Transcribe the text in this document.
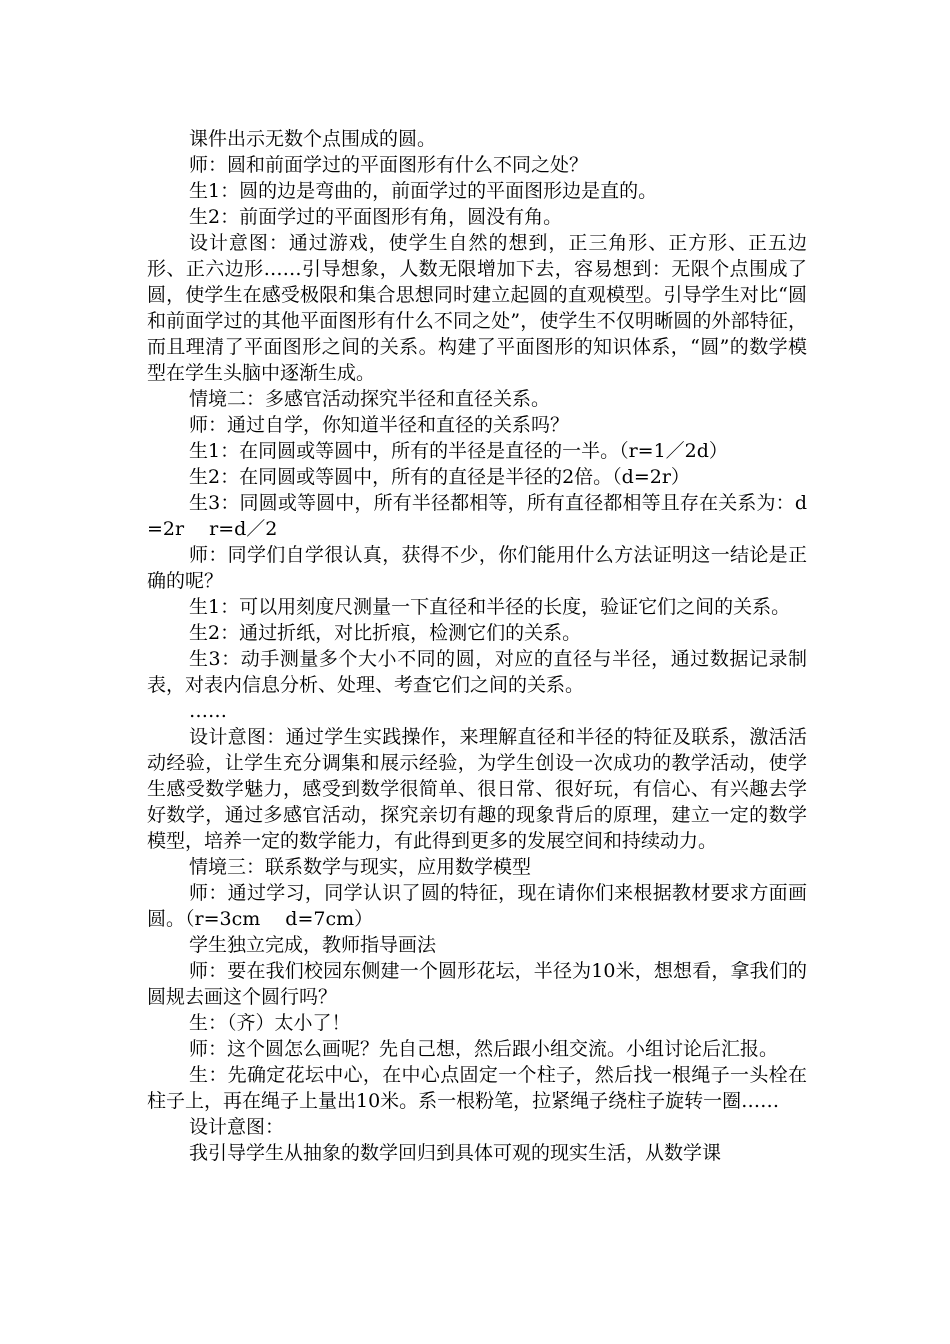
课件出示无数个点围成的圆。

师：圆和前面学过的平面图形有什么不同之处？

生1：圆的边是弯曲的，前面学过的平面图形边是直的。

生2：前面学过的平面图形有角，圆没有角。

设计意图：通过游戏，使学生自然的想到，正三角形、正方形、正五边形、正六边形……引导想象，人数无限增加下去，容易想到：无限个点围成了圆，使学生在感受极限和集合思想同时建立起圆的直观模型。引导学生对比“圆和前面学过的其他平面图形有什么不同之处”，使学生不仅明晰圆的外部特征，而且理清了平面图形之间的关系。构建了平面图形的知识体系，“圆”的数学模型在学生头脑中逐渐生成。

情境二：多感官活动探究半径和直径关系。

师：通过自学，你知道半径和直径的关系吗？

生1：在同圆或等圆中，所有的半径是直径的一半。（r=1／2d）

生2：在同圆或等圆中，所有的直径是半径的2倍。（d=2r）

生3：同圆或等圆中，所有半径都相等，所有直径都相等且存在关系为：d=2r　 r=d／2

师：同学们自学很认真，获得不少，你们能用什么方法证明这一结论是正确的呢？

生1：可以用刻度尺测量一下直径和半径的长度，验证它们之间的关系。

生2：通过折纸，对比折痕，检测它们的关系。

生3：动手测量多个大小不同的圆，对应的直径与半径，通过数据记录制表，对表内信息分析、处理、考查它们之间的关系。

……

设计意图：通过学生实践操作，来理解直径和半径的特征及联系，激活活动经验，让学生充分调集和展示经验，为学生创设一次成功的教学活动，使学生感受数学魅力，感受到数学很简单、很日常、很好玩，有信心、有兴趣去学好数学，通过多感官活动，探究亲切有趣的现象背后的原理，建立一定的数学模型，培养一定的数学能力，有此得到更多的发展空间和持续动力。

情境三：联系数学与现实，应用数学模型

师：通过学习，同学认识了圆的特征，现在请你们来根据教材要求方面画圆。（r=3cm　 d=7cm）

学生独立完成，教师指导画法

师：要在我们校园东侧建一个圆形花坛，半径为10米，想想看，拿我们的圆规去画这个圆行吗？

生：（齐）太小了！

师：这个圆怎么画呢？先自己想，然后跟小组交流。小组讨论后汇报。

生：先确定花坛中心，在中心点固定一个柱子，然后找一根绳子一头栓在柱子上，再在绳子上量出10米。系一根粉笔，拉紧绳子绕柱子旋转一圈……

设计意图：

我引导学生从抽象的数学回归到具体可观的现实生活，从数学课
